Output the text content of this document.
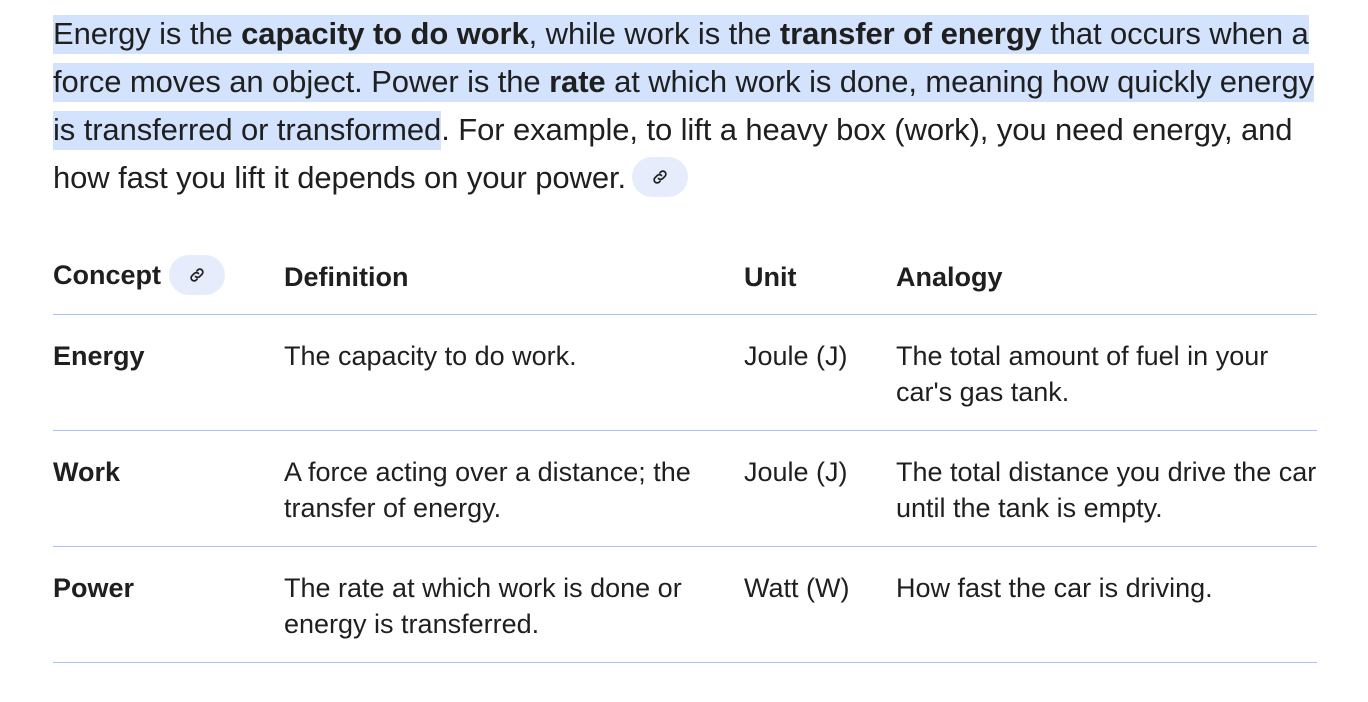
Energy is the capacity to do work, while work is the transfer of energy that occurs when a force moves an object. Power is the rate at which work is done, meaning how quickly energy is transferred or transformed. For example, to lift a heavy box (work), you need energy, and how fast you lift it depends on your power.
Concept	Definition	Unit	Analogy
Energy	The capacity to do work.	Joule (J)	The total amount of fuel in your car's gas tank.
Work	A force acting over a distance; the transfer of energy.	Joule (J)	The total distance you drive the car until the tank is empty.
Power	The rate at which work is done or energy is transferred.	Watt (W)	How fast the car is driving.
